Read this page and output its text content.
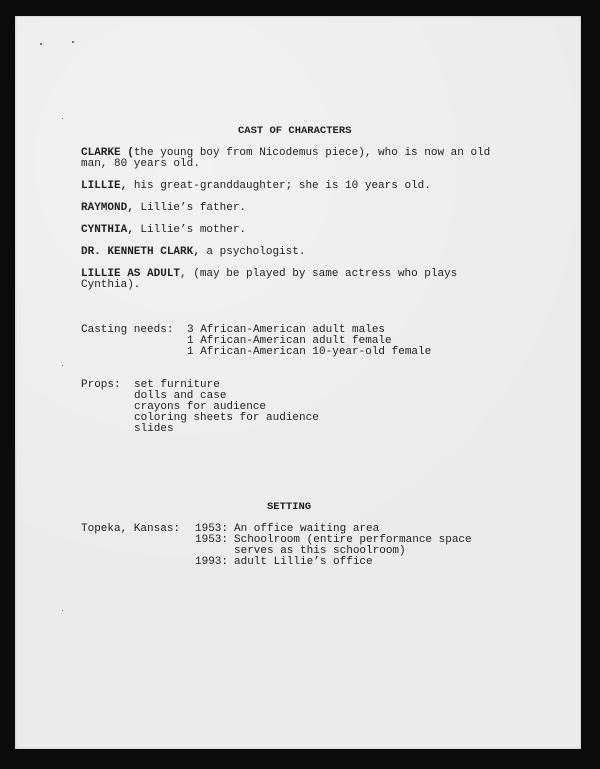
CAST OF CHARACTERS

CLARKE (the young boy from Nicodemus piece), who is now an old

man, 80 years old.

LILLIE, his great-granddaughter; she is 10 years old.

RAYMOND, Lillie’s father.

CYNTHIA, Lillie’s mother.

DR. KENNETH CLARK, a psychologist.

LILLIE AS ADULT, (may be played by same actress who plays

Cynthia).

Casting needs: 3 African-American adult males

1 African-American adult female

1 African-American 10-year-old female

Props: set furniture

dolls and case

crayons for audience

coloring sheets for audience

slides

SETTING

Topeka, Kansas: 1953: An office waiting area

1953: Schoolroom (entire performance space

serves as this schoolroom)

1993: adult Lillie’s office
